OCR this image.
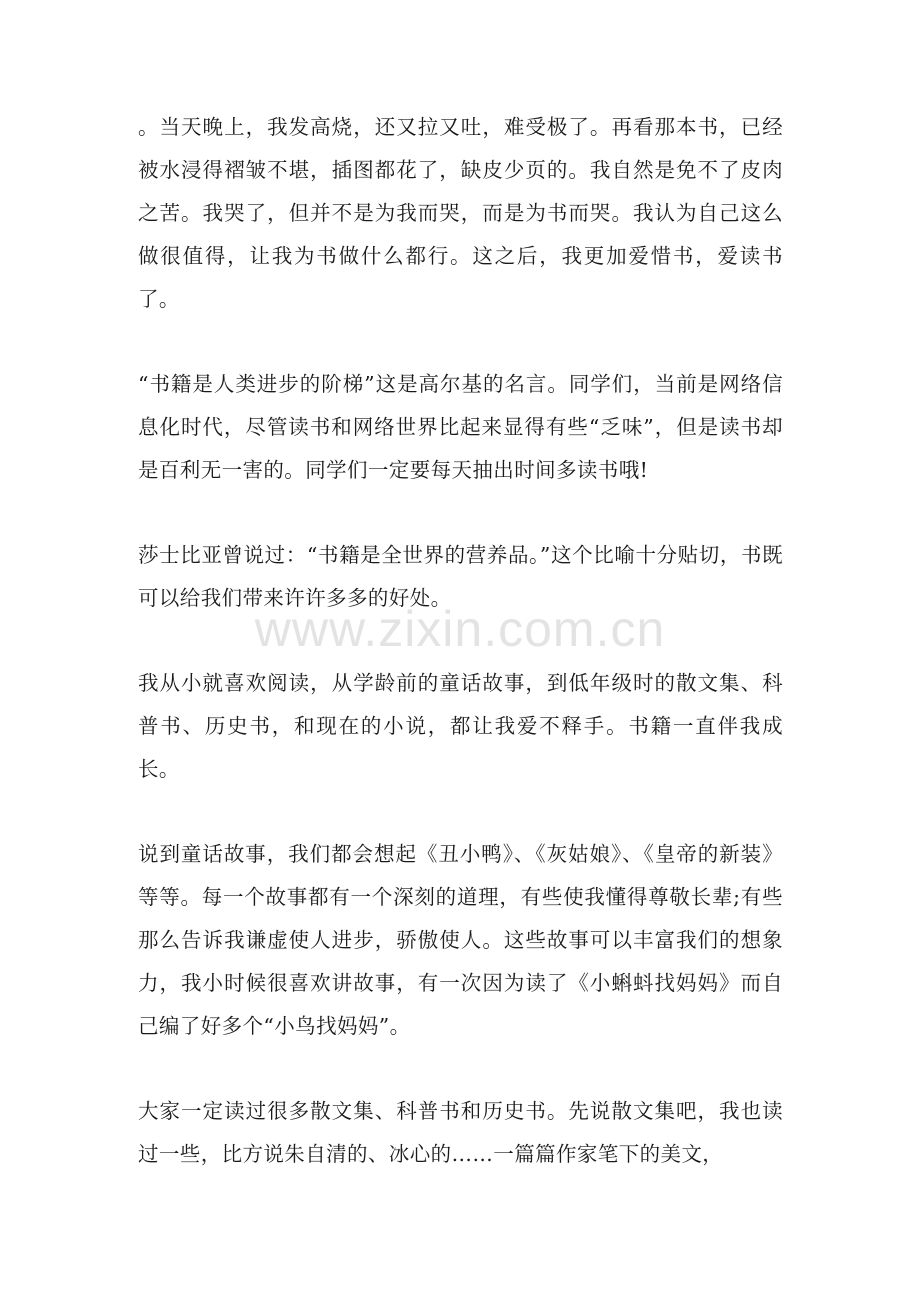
。当天晚上，我发高烧，还又拉又吐，难受极了。再看那本书，已经被水浸得褶皱不堪，插图都花了，缺皮少页的。我自然是免不了皮肉之苦。我哭了，但并不是为我而哭，而是为书而哭。我认为自己这么做很值得，让我为书做什么都行。这之后，我更加爱惜书，爱读书了。

“书籍是人类进步的阶梯”这是高尔基的名言。同学们，当前是网络信息化时代，尽管读书和网络世界比起来显得有些“乏味”，但是读书却是百利无一害的。同学们一定要每天抽出时间多读书哦!

莎士比亚曾说过：“书籍是全世界的营养品。”这个比喻十分贴切，书既可以给我们带来许许多多的好处。

我从小就喜欢阅读，从学龄前的童话故事，到低年级时的散文集、科普书、历史书，和现在的小说，都让我爱不释手。书籍一直伴我成长。

说到童话故事，我们都会想起《丑小鸭》、《灰姑娘》、《皇帝的新装》等等。每一个故事都有一个深刻的道理，有些使我懂得尊敬长辈;有些那么告诉我谦虚使人进步，骄傲使人。这些故事可以丰富我们的想象力，我小时候很喜欢讲故事，有一次因为读了《小蝌蚪找妈妈》而自己编了好多个“小鸟找妈妈”。

大家一定读过很多散文集、科普书和历史书。先说散文集吧，我也读过一些，比方说朱自清的、冰心的……一篇篇作家笔下的美文，

www.zixin.com.cn
